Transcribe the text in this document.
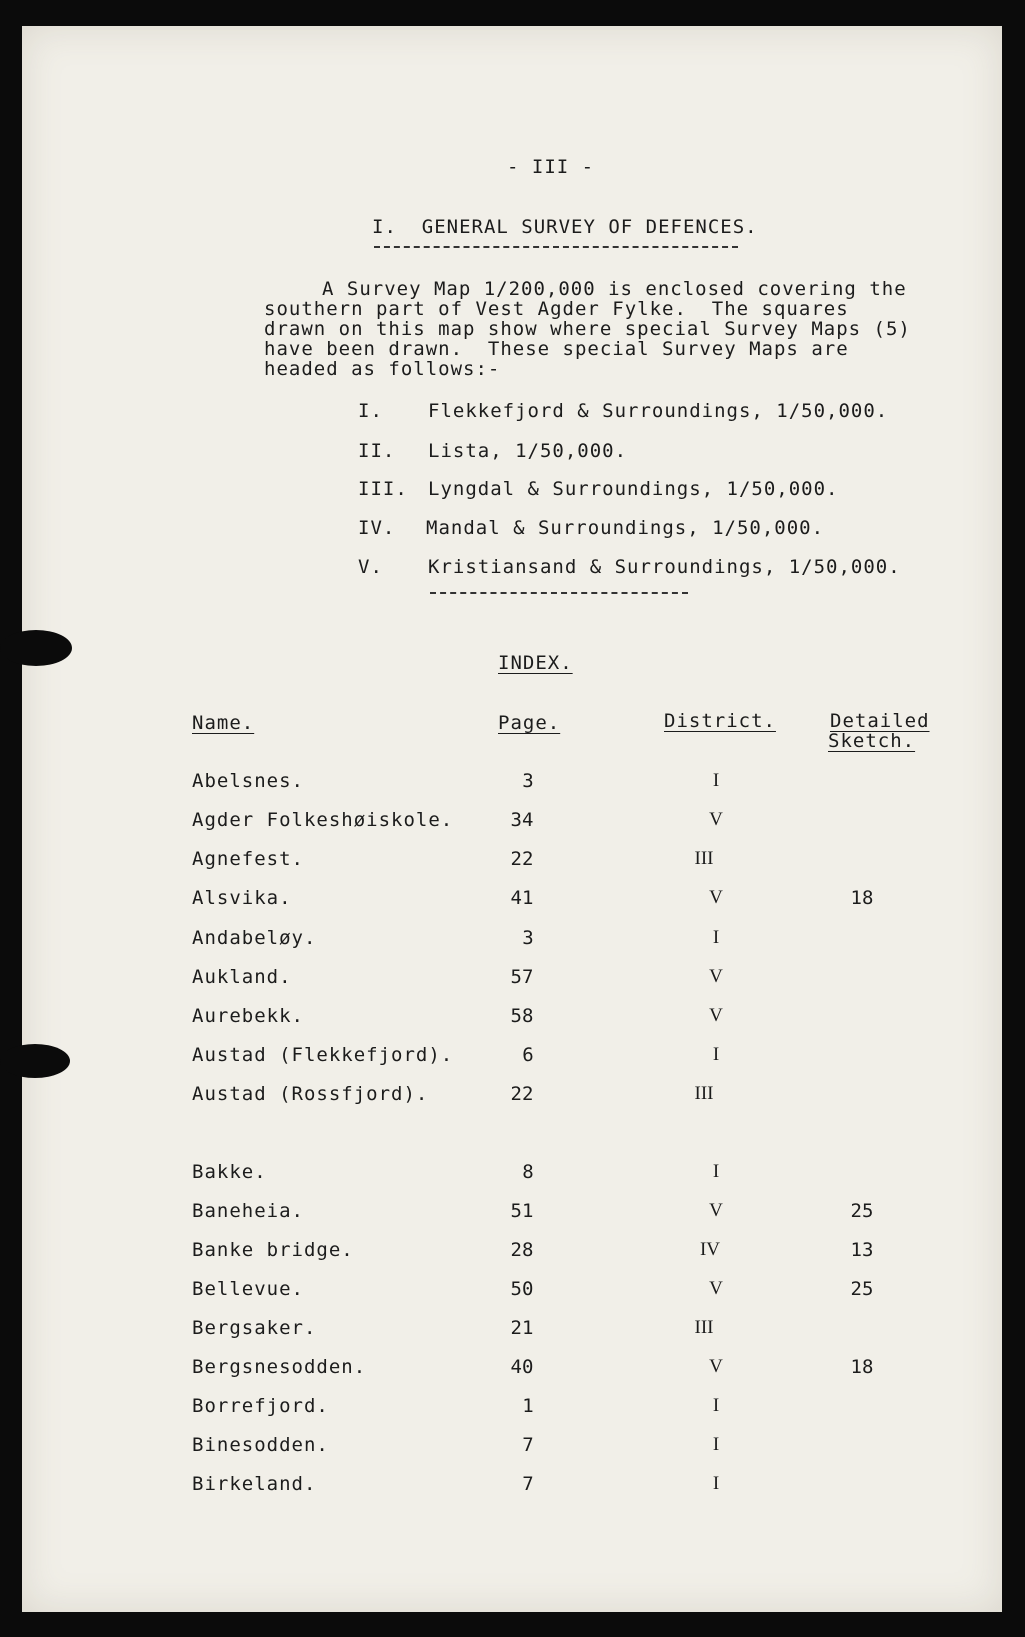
- III -
I.  GENERAL SURVEY OF DEFENCES.
A Survey Map 1/200,000 is enclosed covering the
southern part of Vest Agder Fylke.  The squares
drawn on this map show where special Survey Maps (5)
have been drawn.  These special Survey Maps are
headed as follows:-
I. Flekkefjord & Surroundings, 1/50,000.
II. Lista, 1/50,000.
III. Lyngdal & Surroundings, 1/50,000.
IV. Mandal & Surroundings, 1/50,000.
V. Kristiansand & Surroundings, 1/50,000.
INDEX.
Name.	Page.	District.	Detailed
Sketch.
Abelsnes.	3	I
Agder Folkeshøiskole.	34	V
Agnefest.	22	III
Alsvika.	41	V	18
Andabeløy.	3	I
Aukland.	57	V
Aurebekk.	58	V
Austad (Flekkefjord).	6	I
Austad (Rossfjord).	22	III
Bakke.	8	I
Baneheia.	51	V	25
Banke bridge.	28	IV	13
Bellevue.	50	V	25
Bergsaker.	21	III
Bergsnesodden.	40	V	18
Borrefjord.	1	I
Binesodden.	7	I
Birkeland.	7	I
